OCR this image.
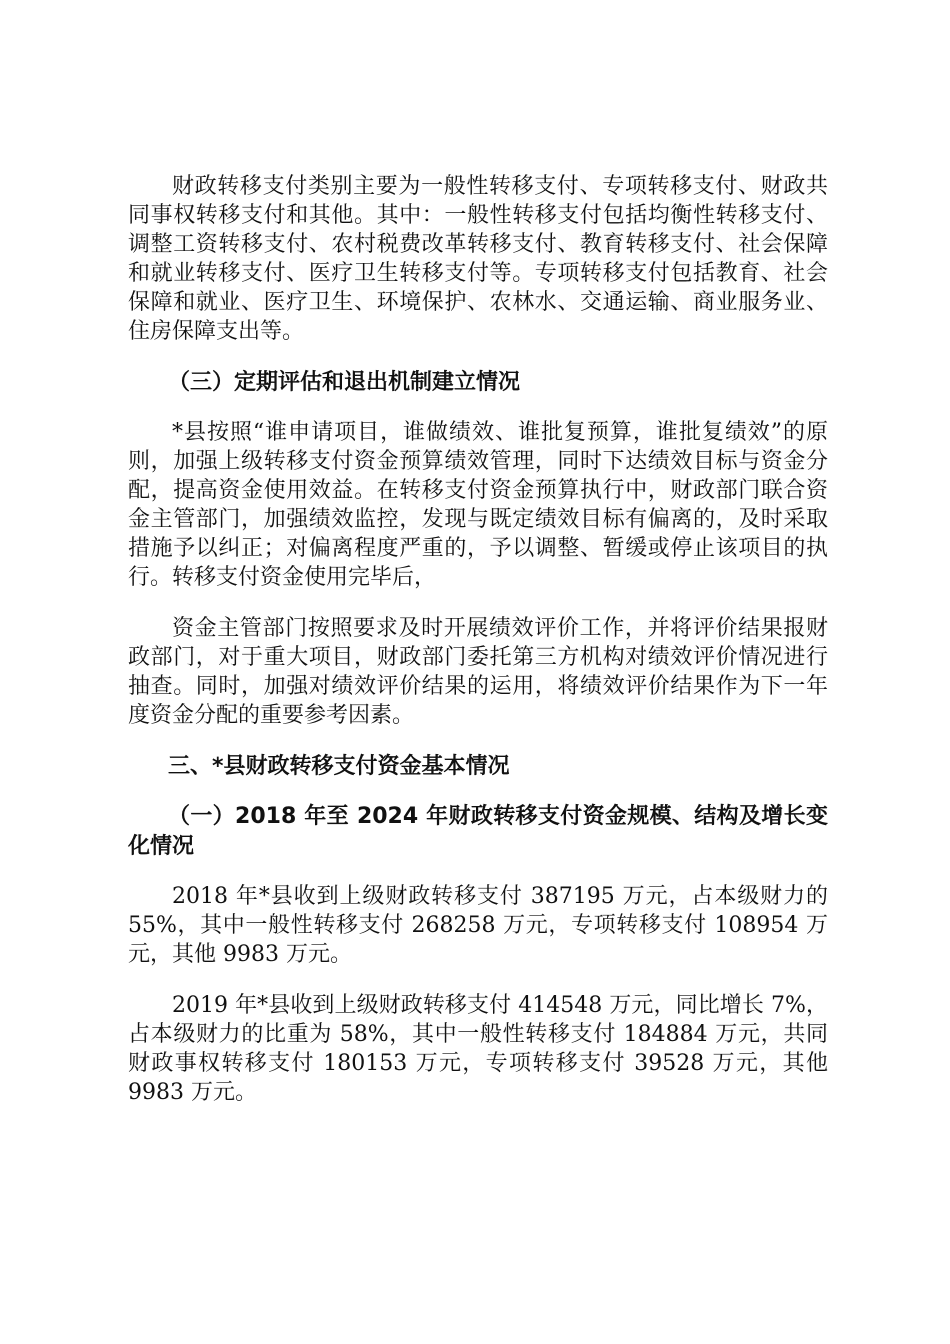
财政转移支付类别主要为一般性转移支付、专项转移支付、财政共同事权转移支付和其他。其中：一般性转移支付包括均衡性转移支付、调整工资转移支付、农村税费改革转移支付、教育转移支付、社会保障和就业转移支付、医疗卫生转移支付等。专项转移支付包括教育、社会保障和就业、医疗卫生、环境保护、农林水、交通运输、商业服务业、住房保障支出等。

（三）定期评估和退出机制建立情况

*县按照“谁申请项目，谁做绩效、谁批复预算，谁批复绩效”的原则，加强上级转移支付资金预算绩效管理，同时下达绩效目标与资金分配，提高资金使用效益。在转移支付资金预算执行中，财政部门联合资金主管部门，加强绩效监控，发现与既定绩效目标有偏离的，及时采取措施予以纠正；对偏离程度严重的，予以调整、暂缓或停止该项目的执行。转移支付资金使用完毕后，

资金主管部门按照要求及时开展绩效评价工作，并将评价结果报财政部门，对于重大项目，财政部门委托第三方机构对绩效评价情况进行抽查。同时，加强对绩效评价结果的运用，将绩效评价结果作为下一年度资金分配的重要参考因素。

三、*县财政转移支付资金基本情况
（一）2018 年至 2024 年财政转移支付资金规模、结构及增长变化情况

2018 年*县收到上级财政转移支付 387195 万元，占本级财力的 55%，其中一般性转移支付 268258 万元，专项转移支付 108954 万元，其他 9983 万元。

2019 年*县收到上级财政转移支付 414548 万元，同比增长 7%，占本级财力的比重为 58%，其中一般性转移支付 184884 万元，共同财政事权转移支付 180153 万元，专项转移支付 39528 万元，其他 9983 万元。
